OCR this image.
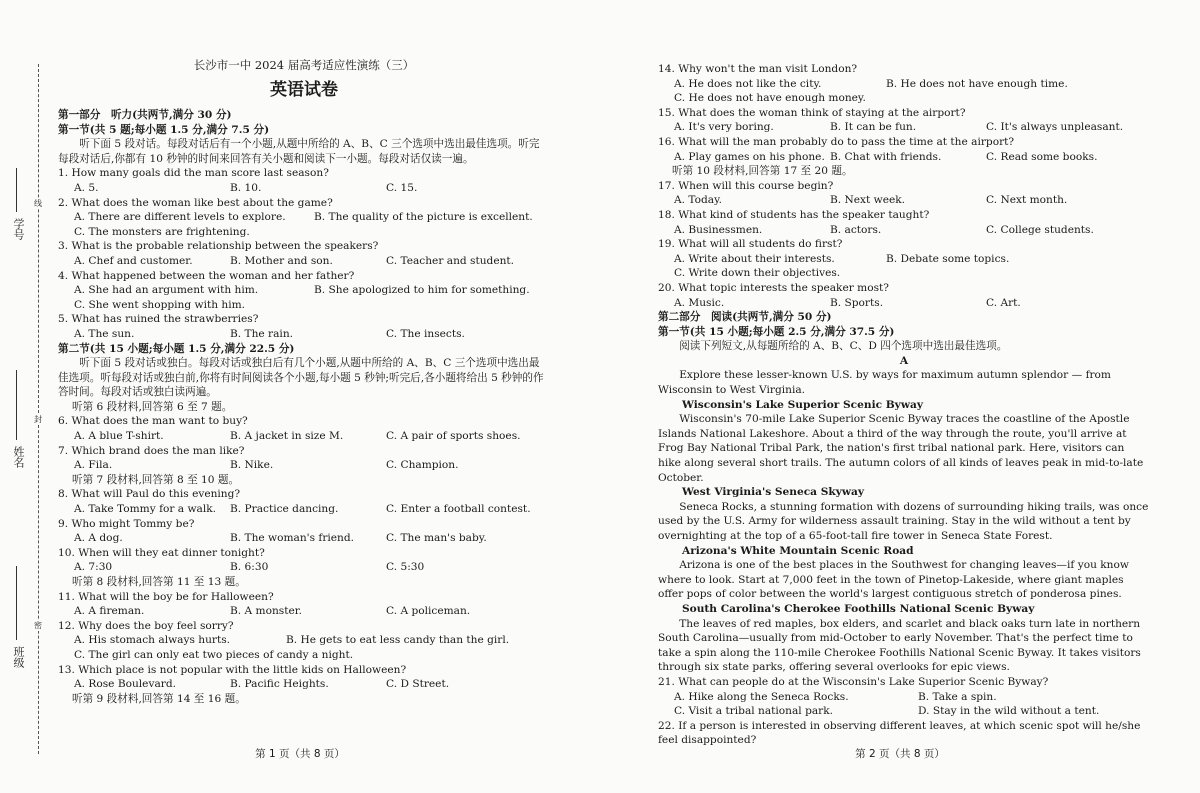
学号
线
姓名
封
班级
密
长沙市一中 2024 届高考适应性演练（三）
英语试卷
第一部分　听力(共两节,满分 30 分)
第一节(共 5 题;每小题 1.5 分,满分 7.5 分)
听下面 5 段对话。每段对话后有一个小题,从题中所给的 A、B、C 三个选项中选出最佳选项。听完每段对话后,你都有 10 秒钟的时间来回答有关小题和阅读下一小题。每段对话仅读一遍。
1. How many goals did the man score last season?
A. 5.	B. 10.	C. 15.
2. What does the woman like best about the game?
A. There are different levels to explore.	B. The quality of the picture is excellent.
C. The monsters are frightening.
3. What is the probable relationship between the speakers?
A. Chef and customer.	B. Mother and son.	C. Teacher and student.
4. What happened between the woman and her father?
A. She had an argument with him.	B. She apologized to him for something.
C. She went shopping with him.
5. What has ruined the strawberries?
A. The sun.	B. The rain.	C. The insects.
第二节(共 15 小题;每小题 1.5 分,满分 22.5 分)
听下面 5 段对话或独白。每段对话或独白后有几个小题,从题中所给的 A、B、C 三个选项中选出最佳选项。听每段对话或独白前,你将有时间阅读各个小题,每小题 5 秒钟;听完后,各小题将给出 5 秒钟的作答时间。每段对话或独白读两遍。
听第 6 段材料,回答第 6 至 7 题。
6. What does the man want to buy?
A. A blue T-shirt.	B. A jacket in size M.	C. A pair of sports shoes.
7. Which brand does the man like?
A. Fila.	B. Nike.	C. Champion.
听第 7 段材料,回答第 8 至 10 题。
8. What will Paul do this evening?
A. Take Tommy for a walk.	B. Practice dancing.	C. Enter a football contest.
9. Who might Tommy be?
A. A dog.	B. The woman's friend.	C. The man's baby.
10. When will they eat dinner tonight?
A. 7:30	B. 6:30	C. 5:30
听第 8 段材料,回答第 11 至 13 题。
11. What will the boy be for Halloween?
A. A fireman.	B. A monster.	C. A policeman.
12. Why does the boy feel sorry?
A. His stomach always hurts.	B. He gets to eat less candy than the girl.
C. The girl can only eat two pieces of candy a night.
13. Which place is not popular with the little kids on Halloween?
A. Rose Boulevard.	B. Pacific Heights.	C. D Street.
听第 9 段材料,回答第 14 至 16 题。
第 1 页（共 8 页）
14. Why won't the man visit London?
A. He does not like the city.	B. He does not have enough time.
C. He does not have enough money.
15. What does the woman think of staying at the airport?
A. It's very boring.	B. It can be fun.	C. It's always unpleasant.
16. What will the man probably do to pass the time at the airport?
A. Play games on his phone. B. Chat with friends.	C. Read some books.
听第 10 段材料,回答第 17 至 20 题。
17. When will this course begin?
A. Today.	B. Next week.	C. Next month.
18. What kind of students has the speaker taught?
A. Businessmen.	B. actors.	C. College students.
19. What will all students do first?
A. Write about their interests.	B. Debate some topics.
C. Write down their objectives.
20. What topic interests the speaker most?
A. Music.	B. Sports.	C. Art.
第二部分　阅读(共两节,满分 50 分)
第一节(共 15 小题;每小题 2.5 分,满分 37.5 分)
阅读下列短文,从每题所给的 A、B、C、D 四个选项中选出最佳选项。
A
Explore these lesser-known U.S. by ways for maximum autumn splendor — from Wisconsin to West Virginia.
Wisconsin's Lake Superior Scenic Byway
Wisconsin's 70-mile Lake Superior Scenic Byway traces the coastline of the Apostle Islands National Lakeshore. About a third of the way through the route, you'll arrive at Frog Bay National Tribal Park, the nation's first tribal national park. Here, visitors can hike along several short trails. The autumn colors of all kinds of leaves peak in mid-to-late October.
West Virginia's Seneca Skyway
Seneca Rocks, a stunning formation with dozens of surrounding hiking trails, was once used by the U.S. Army for wilderness assault training. Stay in the wild without a tent by overnighting at the top of a 65-foot-tall fire tower in Seneca State Forest.
Arizona's White Mountain Scenic Road
Arizona is one of the best places in the Southwest for changing leaves—if you know where to look. Start at 7,000 feet in the town of Pinetop-Lakeside, where giant maples offer pops of color between the world's largest contiguous stretch of ponderosa pines.
South Carolina's Cherokee Foothills National Scenic Byway
The leaves of red maples, box elders, and scarlet and black oaks turn late in northern South Carolina—usually from mid-October to early November. That's the perfect time to take a spin along the 110-mile Cherokee Foothills National Scenic Byway. It takes visitors through six state parks, offering several overlooks for epic views.
21. What can people do at the Wisconsin's Lake Superior Scenic Byway?
A. Hike along the Seneca Rocks.	B. Take a spin.
C. Visit a tribal national park.	D. Stay in the wild without a tent.
22. If a person is interested in observing different leaves, at which scenic spot will he/she feel disappointed?
第 2 页（共 8 页）
